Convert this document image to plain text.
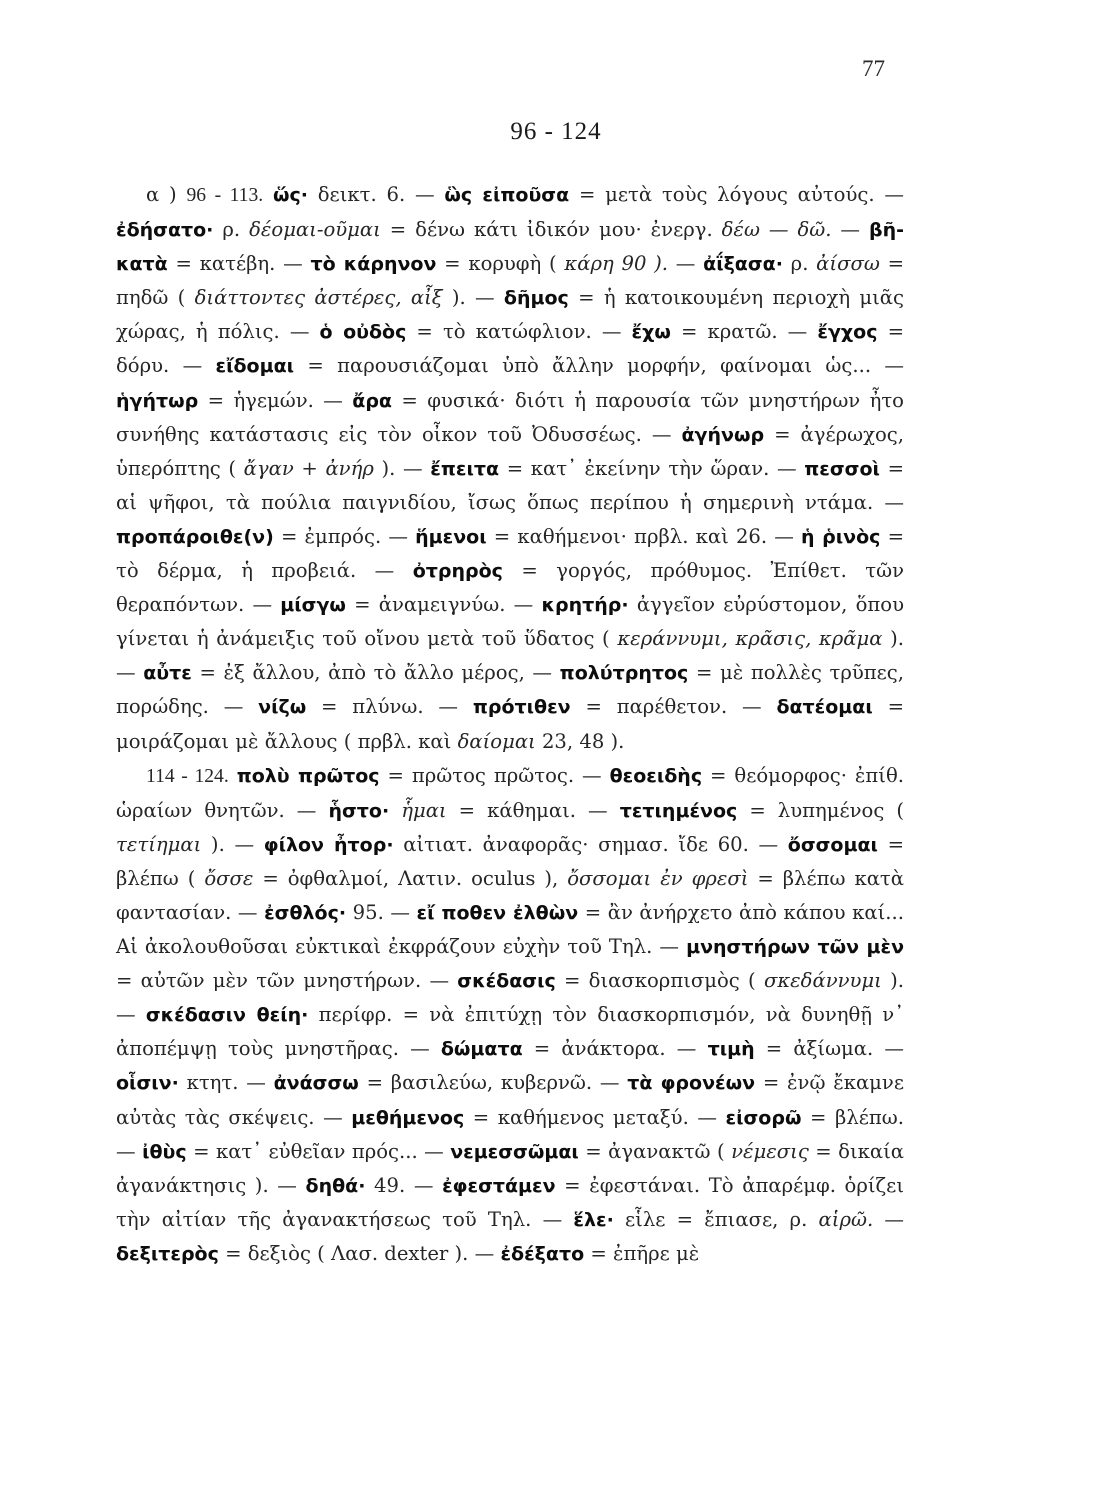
77
96 - 124

α ) 96 - 113. ὥς· δεικτ. 6. — ὣς εἰποῦσα = μετὰ τοὺς λόγους αὐτούς. — ἐδήσατο· ρ. δέομαι-οῦμαι = δένω κάτι ἰδικόν μου· ἐνεργ. δέω — δῶ. — βῆ-κατὰ = κατέβη. — τὸ κάρηνον = κορυφὴ ( κάρη 90 ). — ἀΐξασα· ρ. ἀίσσω = πηδῶ ( διάττοντες ἀστέρες, αἶξ ). — δῆμος = ἡ κατοικουμένη περιοχὴ μιᾶς χώρας, ἡ πόλις. — ὁ οὐδὸς = τὸ κατώφλιον. — ἔχω = κρατῶ. — ἔγχος = δόρυ. — εἴδομαι = παρουσιάζομαι ὑπὸ ἄλλην μορφήν, φαίνομαι ὡς... — ἡγήτωρ = ἡγεμών. — ἄρα = φυσικά· διότι ἡ παρουσία τῶν μνηστήρων ἦτο συνήθης κατάστασις εἰς τὸν οἶκον τοῦ Ὀδυσσέως. — ἀγήνωρ = ἀγέρωχος, ὑπερόπτης ( ἄγαν + ἀνήρ ). — ἔπειτα = κατ᾽ ἐκείνην τὴν ὥραν. — πεσσοὶ = αἱ ψῆφοι, τὰ πούλια παιγνιδίου, ἴσως ὅπως περίπου ἡ σημερινὴ ντάμα. — προπάροιθε(ν) = ἐμπρός. — ἥμενοι = καθήμενοι· πρβλ. καὶ 26. — ἡ ῥινὸς = τὸ δέρμα, ἡ προβειά. — ὀτρηρὸς = γοργός, πρόθυμος. Ἐπίθετ. τῶν θεραπόντων. — μίσγω = ἀναμειγνύω. — κρητήρ· ἀγγεῖον εὐρύστομον, ὅπου γίνεται ἡ ἀνάμειξις τοῦ οἴνου μετὰ τοῦ ὕδατος ( κεράννυμι, κρᾶσις, κρᾶμα ). — αὖτε = ἐξ ἄλλου, ἀπὸ τὸ ἄλλο μέρος, — πολύτρητος = μὲ πολλὲς τρῦπες, πορώδης. — νίζω = πλύνω. — πρότιθεν = παρέθετον. — δατέομαι = μοιράζομαι μὲ ἄλλους ( πρβλ. καὶ δαίομαι 23, 48 ).

114 - 124. πολὺ πρῶτος = πρῶτος πρῶτος. — θεοειδὴς = θεόμορφος· ἐπίθ. ὡραίων θνητῶν. — ἧστο· ἧμαι = κάθημαι. — τετιημένος = λυπημένος ( τετίημαι ). — φίλον ἦτορ· αἰτιατ. ἀναφορᾶς· σημασ. ἴδε 60. — ὄσσομαι = βλέπω ( ὄσσε = ὀφθαλμοί, Λατιν. oculus ), ὄσσομαι ἐν φρεσὶ = βλέπω κατὰ φαντασίαν. — ἐσθλός· 95. — εἴ ποθεν ἐλθὼν = ἂν ἀνήρχετο ἀπὸ κάπου καί... Αἱ ἀκολουθοῦσαι εὐκτικαὶ ἐκφράζουν εὐχὴν τοῦ Τηλ. — μνηστήρων τῶν μὲν = αὐτῶν μὲν τῶν μνηστήρων. — σκέδασις = διασκορπισμὸς ( σκεδάννυμι ). — σκέδασιν θείη· περίφρ. = νὰ ἐπιτύχῃ τὸν διασκορπισμόν, νὰ δυνηθῇ ν᾽ ἀποπέμψῃ τοὺς μνηστῆρας. — δώματα = ἀνάκτορα. — τιμὴ = ἀξίωμα. — οἷσιν· κτητ. — ἀνάσσω = βασιλεύω, κυβερνῶ. — τὰ φρονέων = ἐνῷ ἔκαμνε αὐτὰς τὰς σκέψεις. — μεθήμενος = καθήμενος μεταξύ. — εἰσορῶ = βλέπω. — ἰθὺς = κατ᾽ εὐθεῖαν πρός... — νεμεσσῶμαι = ἀγανακτῶ ( νέμεσις = δικαία ἀγανάκτησις ). — δηθά· 49. — ἐφεστάμεν = ἐφεστάναι. Τὸ ἀπαρέμφ. ὁρίζει τὴν αἰτίαν τῆς ἀγανακτήσεως τοῦ Τηλ. — ἕλε· εἷλε = ἔπιασε, ρ. αἱρῶ. — δεξιτερὸς = δεξιὸς ( Λασ. dexter ). — ἐδέξατο = ἐπῆρε μὲ
